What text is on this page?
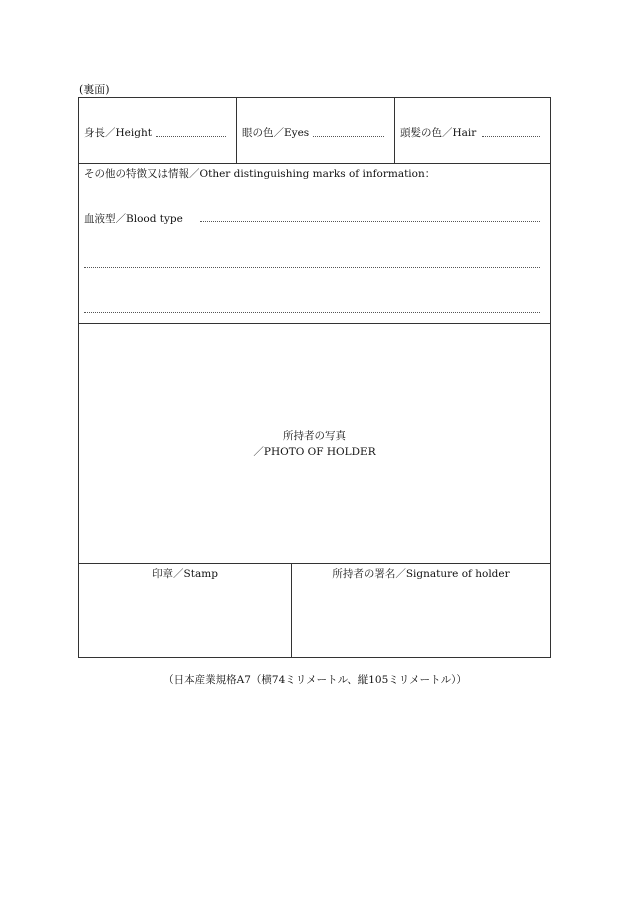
(裏面)
身長／Height	眼の色／Eyes	頭髪の色／Hair
その他の特徴又は情報／Other distinguishing marks of information：
血液型／Blood type
所持者の写真
／PHOTO OF HOLDER
印章／Stamp	所持者の署名／Signature of holder
（日本産業規格A7（横74ミリメートル、縦105ミリメートル））
